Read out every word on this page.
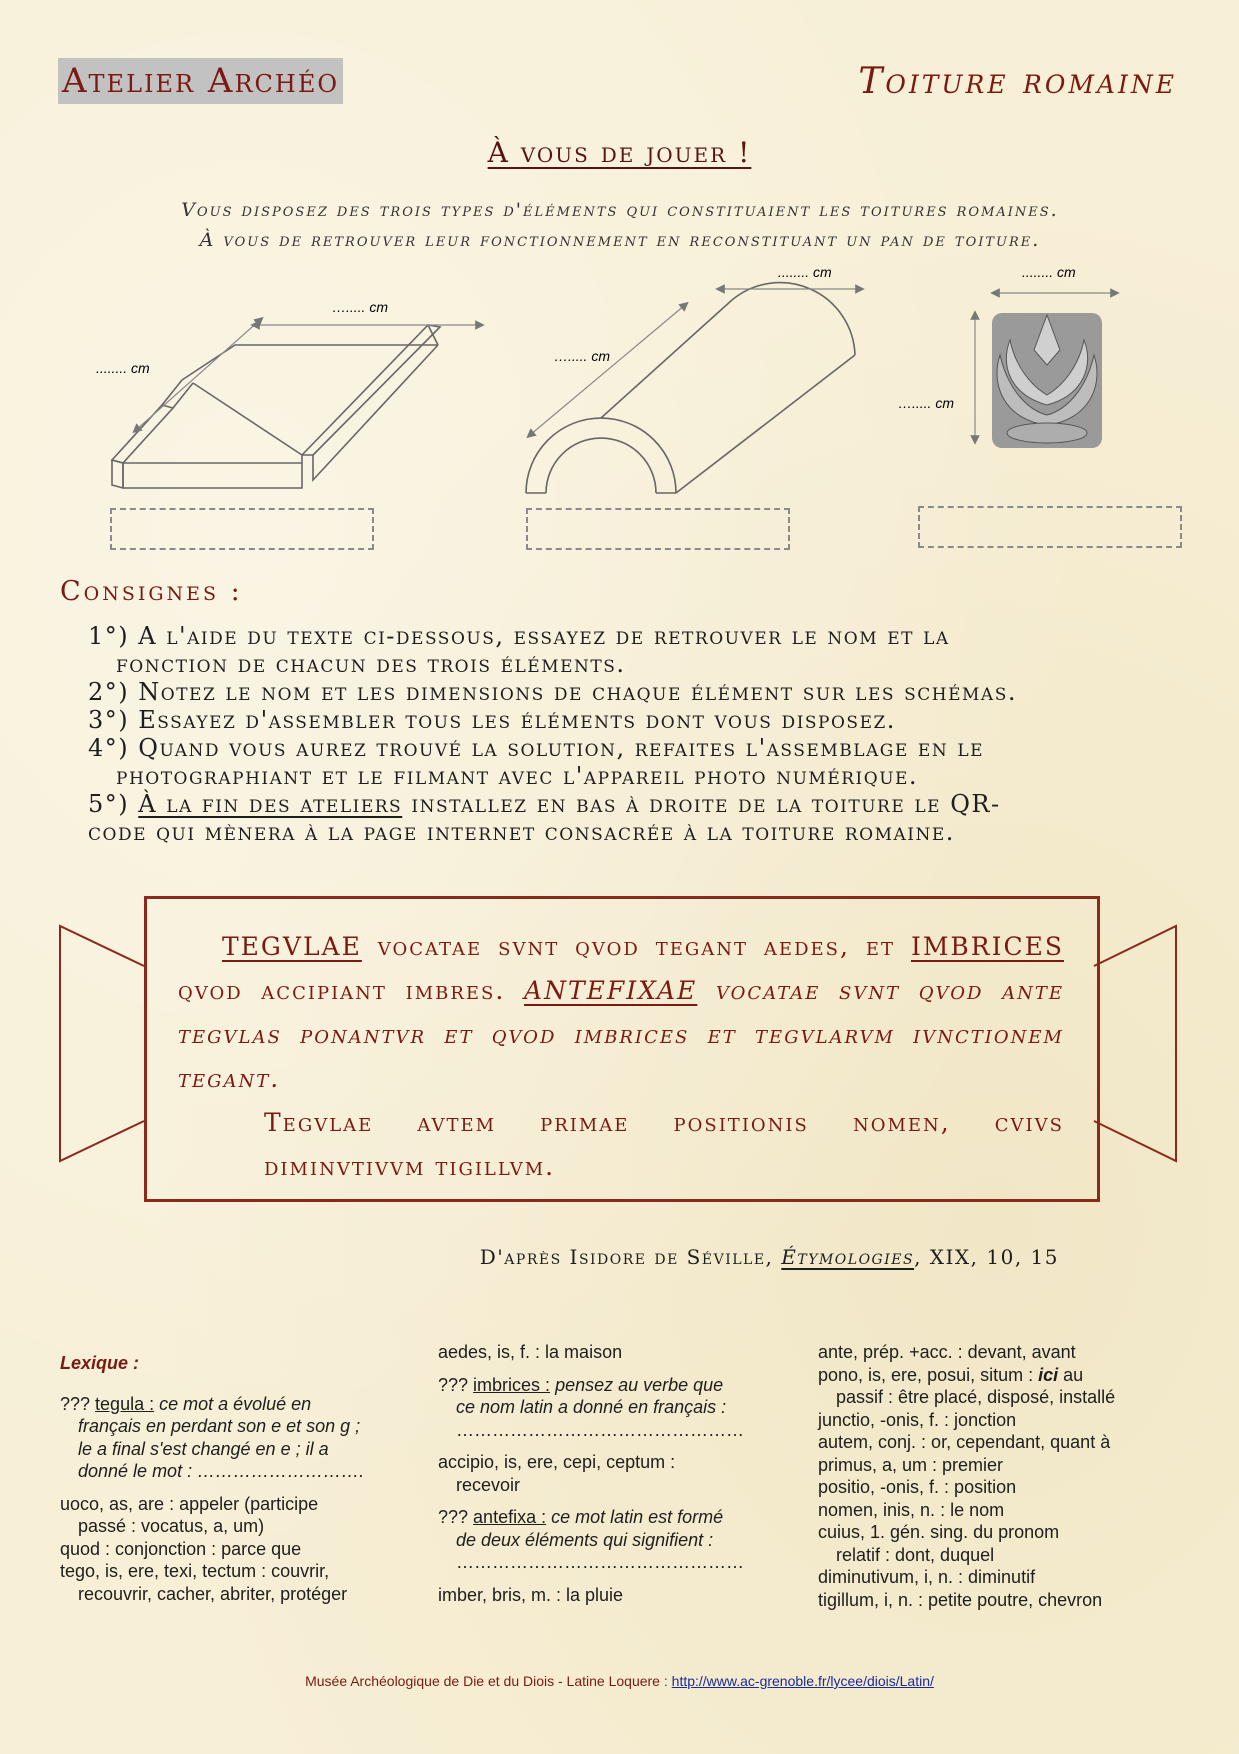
Atelier Archéo	Toiture romaine
À vous de jouer !
Vous disposez des trois types d'éléments qui constituaient les toitures romaines.
À vous de retrouver leur fonctionnement en reconstituant un pan de toiture.
........ cm
…..... cm
…..... cm
........ cm
…..... cm
........ cm
Consignes :

1°) A l'aide du texte ci-dessous, essayez de retrouver le nom et la

fonction de chacun des trois éléments.

2°) Notez le nom et les dimensions de chaque élément sur les schémas.

3°) Essayez d'assembler tous les éléments dont vous disposez.

4°) Quand vous aurez trouvé la solution, refaites l'assemblage en le

photographiant et le filmant avec l'appareil photo numérique.

5°) À la fin des ateliers installez en bas à droite de la toiture le QR-

code qui mènera à la page internet consacrée à la toiture romaine.

TEGVLAE vocatae svnt qvod tegant aedes, et IMBRICES qvod accipiant imbres. ANTEFIXAE vocatae svnt qvod ante tegvlas ponantvr et qvod imbrices et tegvlarvm ivnctionem tegant.
Tegvlae avtem primae positionis nomen, cvivs diminvtivvm tigillvm.
D'après Isidore de Séville, Étymologies, XIX, 10, 15

Lexique :

??? tegula : ce mot a évolué en

français en perdant son e et son g ;

le a final s'est changé en e ; il a

donné le mot : ……………………….

uoco, as, are : appeler (participe

passé : vocatus, a, um)

quod : conjonction : parce que

tego, is, ere, texi, tectum : couvrir,

recouvrir, cacher, abriter, protéger

aedes, is, f. : la maison

??? imbrices : pensez au verbe que

ce nom latin a donné en français :

…………………………………………

accipio, is, ere, cepi, ceptum :

recevoir

??? antefixa : ce mot latin est formé

de deux éléments qui signifient :

…………………………………………

imber, bris, m. : la pluie

ante, prép. +acc. : devant, avant

pono, is, ere, posui, situm : ici au

passif : être placé, disposé, installé

junctio, -onis, f. : jonction

autem, conj. : or, cependant, quant à

primus, a, um : premier

positio, -onis, f. : position

nomen, inis, n. : le nom

cuius, 1. gén. sing. du pronom

relatif : dont, duquel

diminutivum, i, n. : diminutif

tigillum, i, n. : petite poutre, chevron

Musée Archéologique de Die et du Diois - Latine Loquere : http://www.ac-grenoble.fr/lycee/diois/Latin/
